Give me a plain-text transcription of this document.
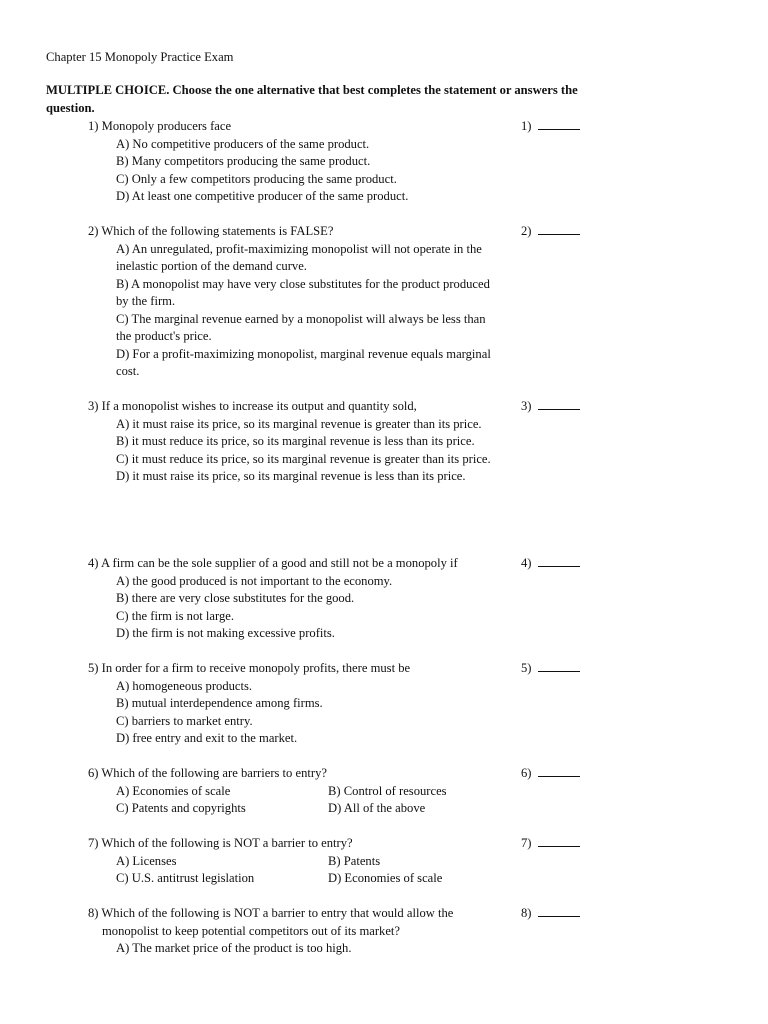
Chapter 15 Monopoly Practice Exam
MULTIPLE CHOICE. Choose the one alternative that best completes the statement or answers the question.
1) Monopoly producers face	1)
A) No competitive producers of the same product.
B) Many competitors producing the same product.
C) Only a few competitors producing the same product.
D) At least one competitive producer of the same product.
2) Which of the following statements is FALSE?	2)
A) An unregulated, profit-maximizing monopolist will not operate in the inelastic portion of the demand curve.
B) A monopolist may have very close substitutes for the product produced by the firm.
C) The marginal revenue earned by a monopolist will always be less than the product's price.
D) For a profit-maximizing monopolist, marginal revenue equals marginal cost.
3) If a monopolist wishes to increase its output and quantity sold,	3)
A) it must raise its price, so its marginal revenue is greater than its price.
B) it must reduce its price, so its marginal revenue is less than its price.
C) it must reduce its price, so its marginal revenue is greater than its price.
D) it must raise its price, so its marginal revenue is less than its price.
4) A firm can be the sole supplier of a good and still not be a monopoly if	4)
A) the good produced is not important to the economy.
B) there are very close substitutes for the good.
C) the firm is not large.
D) the firm is not making excessive profits.
5) In order for a firm to receive monopoly profits, there must be	5)
A) homogeneous products.
B) mutual interdependence among firms.
C) barriers to market entry.
D) free entry and exit to the market.
6) Which of the following are barriers to entry?	6)
A) Economies of scale	B) Control of resources
C) Patents and copyrights	D) All of the above
7) Which of the following is NOT a barrier to entry?	7)
A) Licenses	B) Patents
C) U.S. antitrust legislation	D) Economies of scale
8) Which of the following is NOT a barrier to entry that would allow the	8)
monopolist to keep potential competitors out of its market?
A) The market price of the product is too high.
